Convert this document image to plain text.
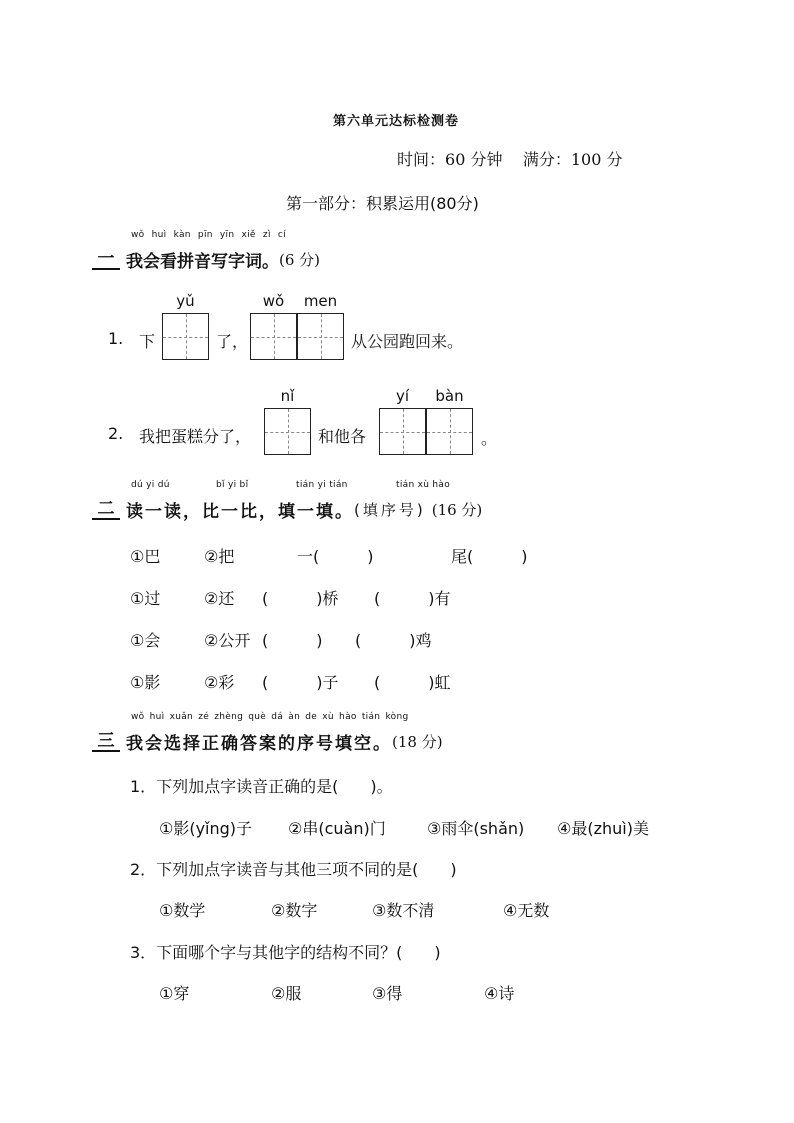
第六单元达标检测卷
时间：60 分钟 满分：100 分
第一部分：积累运用(80分)
wǒ huì kàn pīn yīn xiě zì cí
一 我会看拼音写字词。 (6 分)
1. 下
yǔ
了，
wǒ	men
从公园跑回来。
2. 我把蛋糕分了，
nǐ
和他各
yí	bàn
。
dú yi dú	bǐ yi bǐ	tián yi tián	tián xù hào
二 读一读，比一比，填一填。 (填序号) (16 分)
①巴	②把	一(　　　)	尾(　　　)
①过	②还 (　　　)桥 (　　　)有
①会	②公开 (　　　) (　　　)鸡
①影	②彩 (　　　)子 (　　　)虹
wǒ huì xuǎn zé zhèng què dá àn de xù hào tián kòng
三 我会选择正确答案的序号填空。 (18 分)
1．下列加点字读音正确的是(　　)。
①影(yǐng)子 ②串(cuàn)门	③雨伞(shǎn) ④最(zhuì)美
2．下列加点字读音与其他三项不同的是(　　)
①数学	②数字	③数不清	④无数
3．下面哪个字与其他字的结构不同？(　　)
①穿	②服	③得	④诗
